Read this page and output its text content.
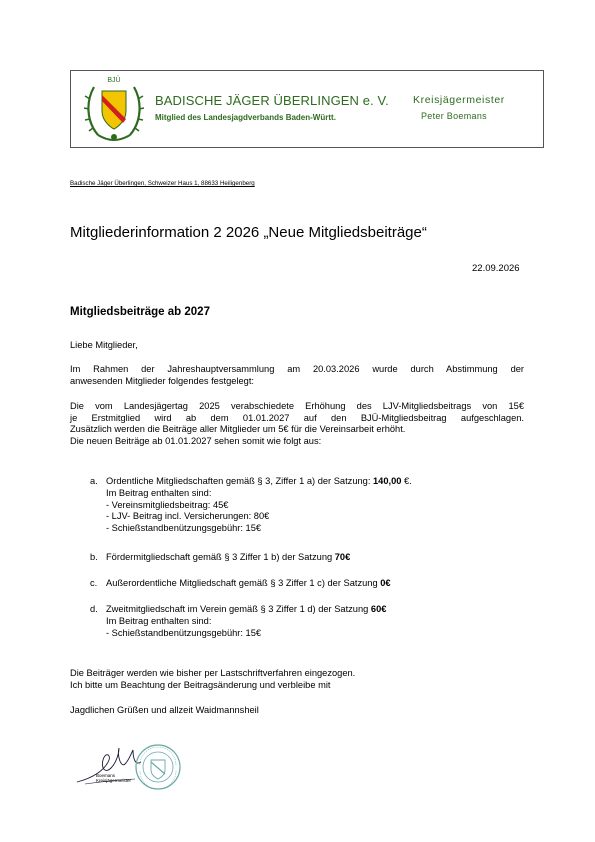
BJÜ
BADISCHE JÄGER ÜBERLINGEN e. V.
Mitglied des Landesjagdverbands Baden-Württ.
Kreisjägermeister
Peter Boemans
Badische Jäger Überlingen, Schweizer Haus 1, 88633 Heiligenberg
Mitgliederinformation 2 2026 „Neue Mitgliedsbeiträge“
22.09.2026
Mitgliedsbeiträge ab 2027
Liebe Mitglieder,
Im Rahmen der Jahreshauptversammlung am 20.03.2026 wurde durch Abstimmung der
anwesenden Mitglieder folgendes festgelegt:
Die vom Landesjägertag 2025 verabschiedete Erhöhung des LJV-Mitgliedsbeitrags von 15€
je Erstmitglied wird ab dem 01.01.2027 auf den BJÜ-Mitgliedsbeitrag aufgeschlagen.
Zusätzlich werden die Beiträge aller Mitglieder um 5€ für die Vereinsarbeit erhöht.
Die neuen Beiträge ab 01.01.2027 sehen somit wie folgt aus:
a. Ordentliche Mitgliedschaften gemäß § 3, Ziffer 1 a) der Satzung: 140,00 €.
Im Beitrag enthalten sind:
- Vereinsmitgliedsbeitrag: 45€
- LJV- Beitrag incl. Versicherungen: 80€
- Schießstandbenützungsgebühr: 15€
b. Fördermitgliedschaft gemäß § 3 Ziffer 1 b) der Satzung 70€
c. Außerordentliche Mitgliedschaft gemäß § 3 Ziffer 1 c) der Satzung 0€
d. Zweitmitgliedschaft im Verein gemäß § 3 Ziffer 1 d) der Satzung 60€
Im Beitrag enthalten sind:
- Schießstandbenützungsgebühr: 15€
Die Beiträger werden wie bisher per Lastschriftverfahren eingezogen.
Ich bitte um Beachtung der Beitragsänderung und verbleibe mit
Jagdlichen Grüßen und allzeit Waidmannsheil
Boemans
Kreisjägermeister
